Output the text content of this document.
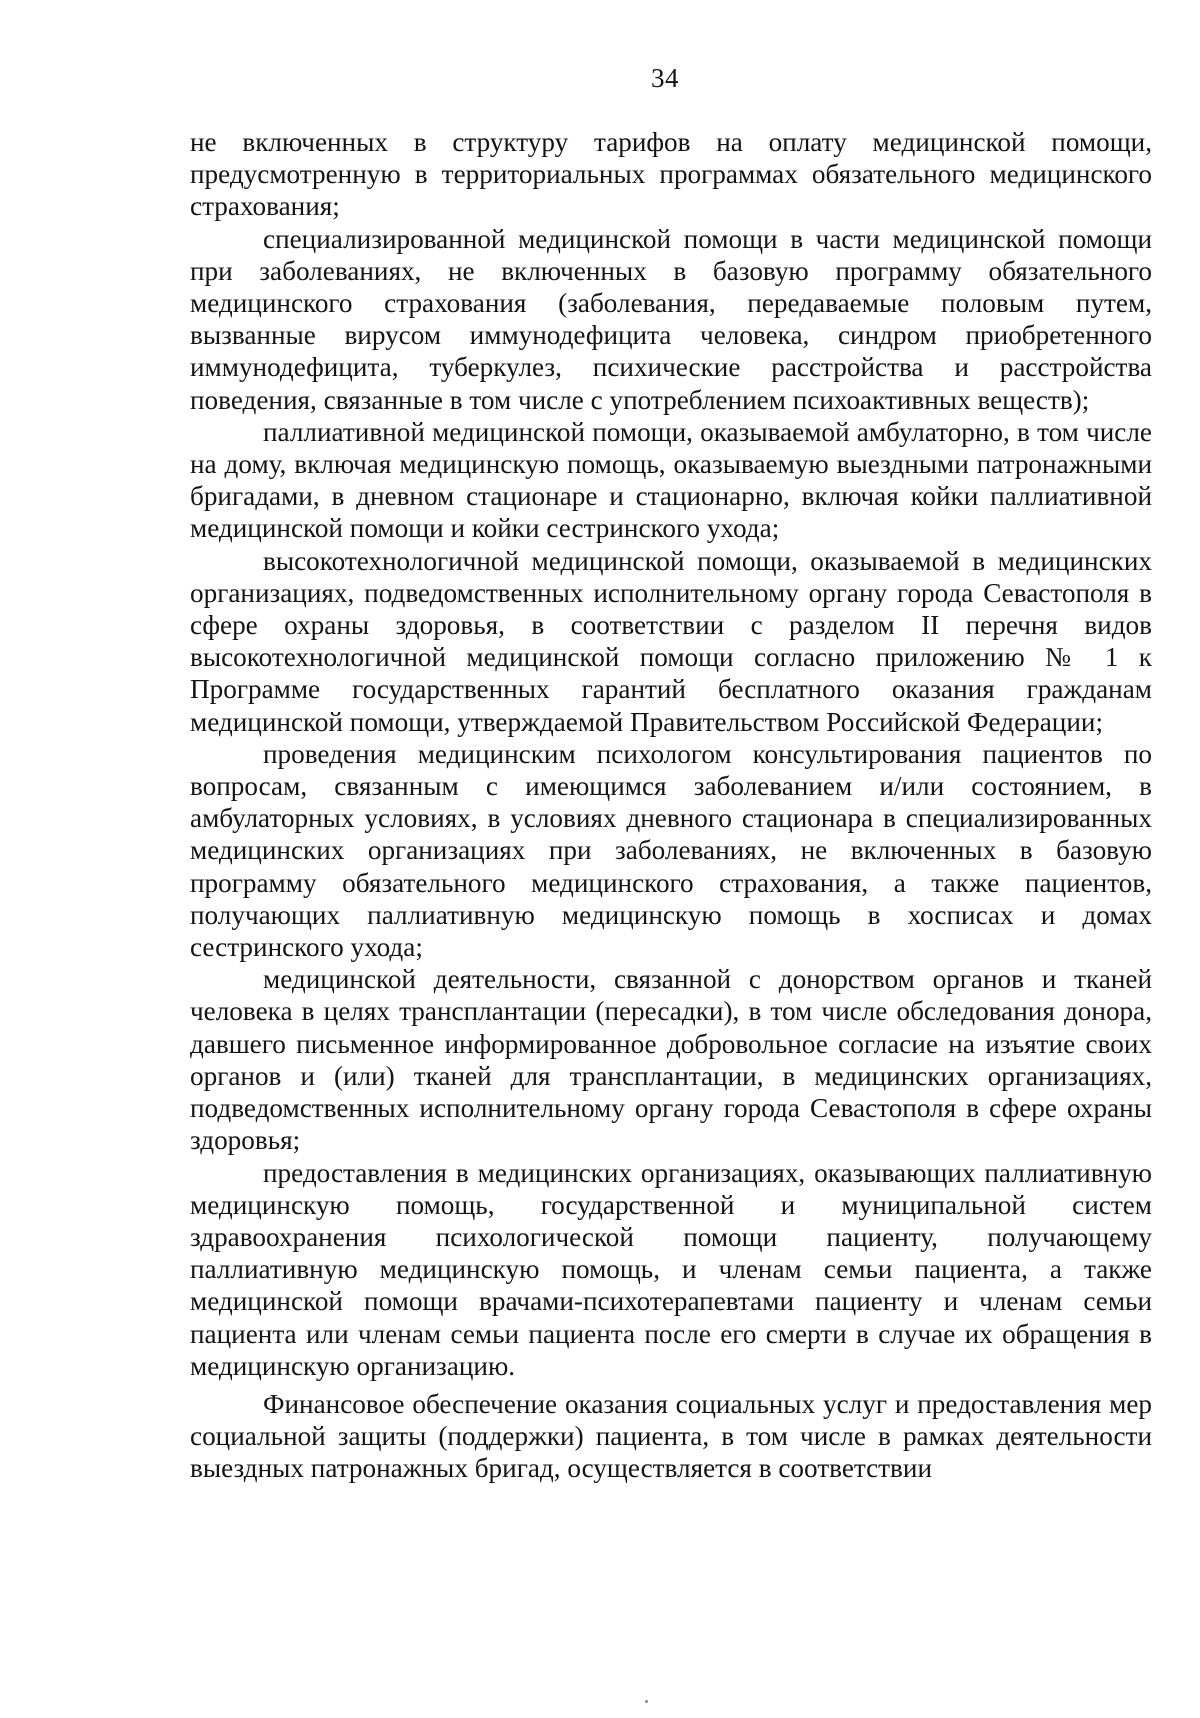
34

не включенных в структуру тарифов на оплату медицинской помощи, предусмотренную в территориальных программах обязательного медицинского страхования;

специализированной медицинской помощи в части медицинской помощи при заболеваниях, не включенных в базовую программу обязательного медицинского страхования (заболевания, передаваемые половым путем, вызванные вирусом иммунодефицита человека, синдром приобретенного иммунодефицита, туберкулез, психические расстройства и расстройства поведения, связанные в том числе с употреблением психоактивных веществ);

паллиативной медицинской помощи, оказываемой амбулаторно, в том числе на дому, включая медицинскую помощь, оказываемую выездными патронажными бригадами, в дневном стационаре и стационарно, включая койки паллиативной медицинской помощи и койки сестринского ухода;

высокотехнологичной медицинской помощи, оказываемой в медицинских организациях, подведомственных исполнительному органу города Севастополя в сфере охраны здоровья, в соответствии с разделом II перечня видов высокотехнологичной медицинской помощи согласно приложению № 1 к Программе государственных гарантий бесплатного оказания гражданам медицинской помощи, утверждаемой Правительством Российской Федерации;

проведения медицинским психологом консультирования пациентов по вопросам, связанным с имеющимся заболеванием и/или состоянием, в амбулаторных условиях, в условиях дневного стационара в специализированных медицинских организациях при заболеваниях, не включенных в базовую программу обязательного медицинского страхования, а также пациентов, получающих паллиативную медицинскую помощь в хосписах и домах сестринского ухода;

медицинской деятельности, связанной с донорством органов и тканей человека в целях трансплантации (пересадки), в том числе обследования донора, давшего письменное информированное добровольное согласие на изъятие своих органов и (или) тканей для трансплантации, в медицинских организациях, подведомственных исполнительному органу города Севастополя в сфере охраны здоровья;

предоставления в медицинских организациях, оказывающих паллиативную медицинскую помощь, государственной и муниципальной систем здравоохранения психологической помощи пациенту, получающему паллиативную медицинскую помощь, и членам семьи пациента, а также медицинской помощи врачами-психотерапевтами пациенту и членам семьи пациента или членам семьи пациента после его смерти в случае их обращения в медицинскую организацию.

Финансовое обеспечение оказания социальных услуг и предоставления мер социальной защиты (поддержки) пациента, в том числе в рамках деятельности выездных патронажных бригад, осуществляется в соответствии
